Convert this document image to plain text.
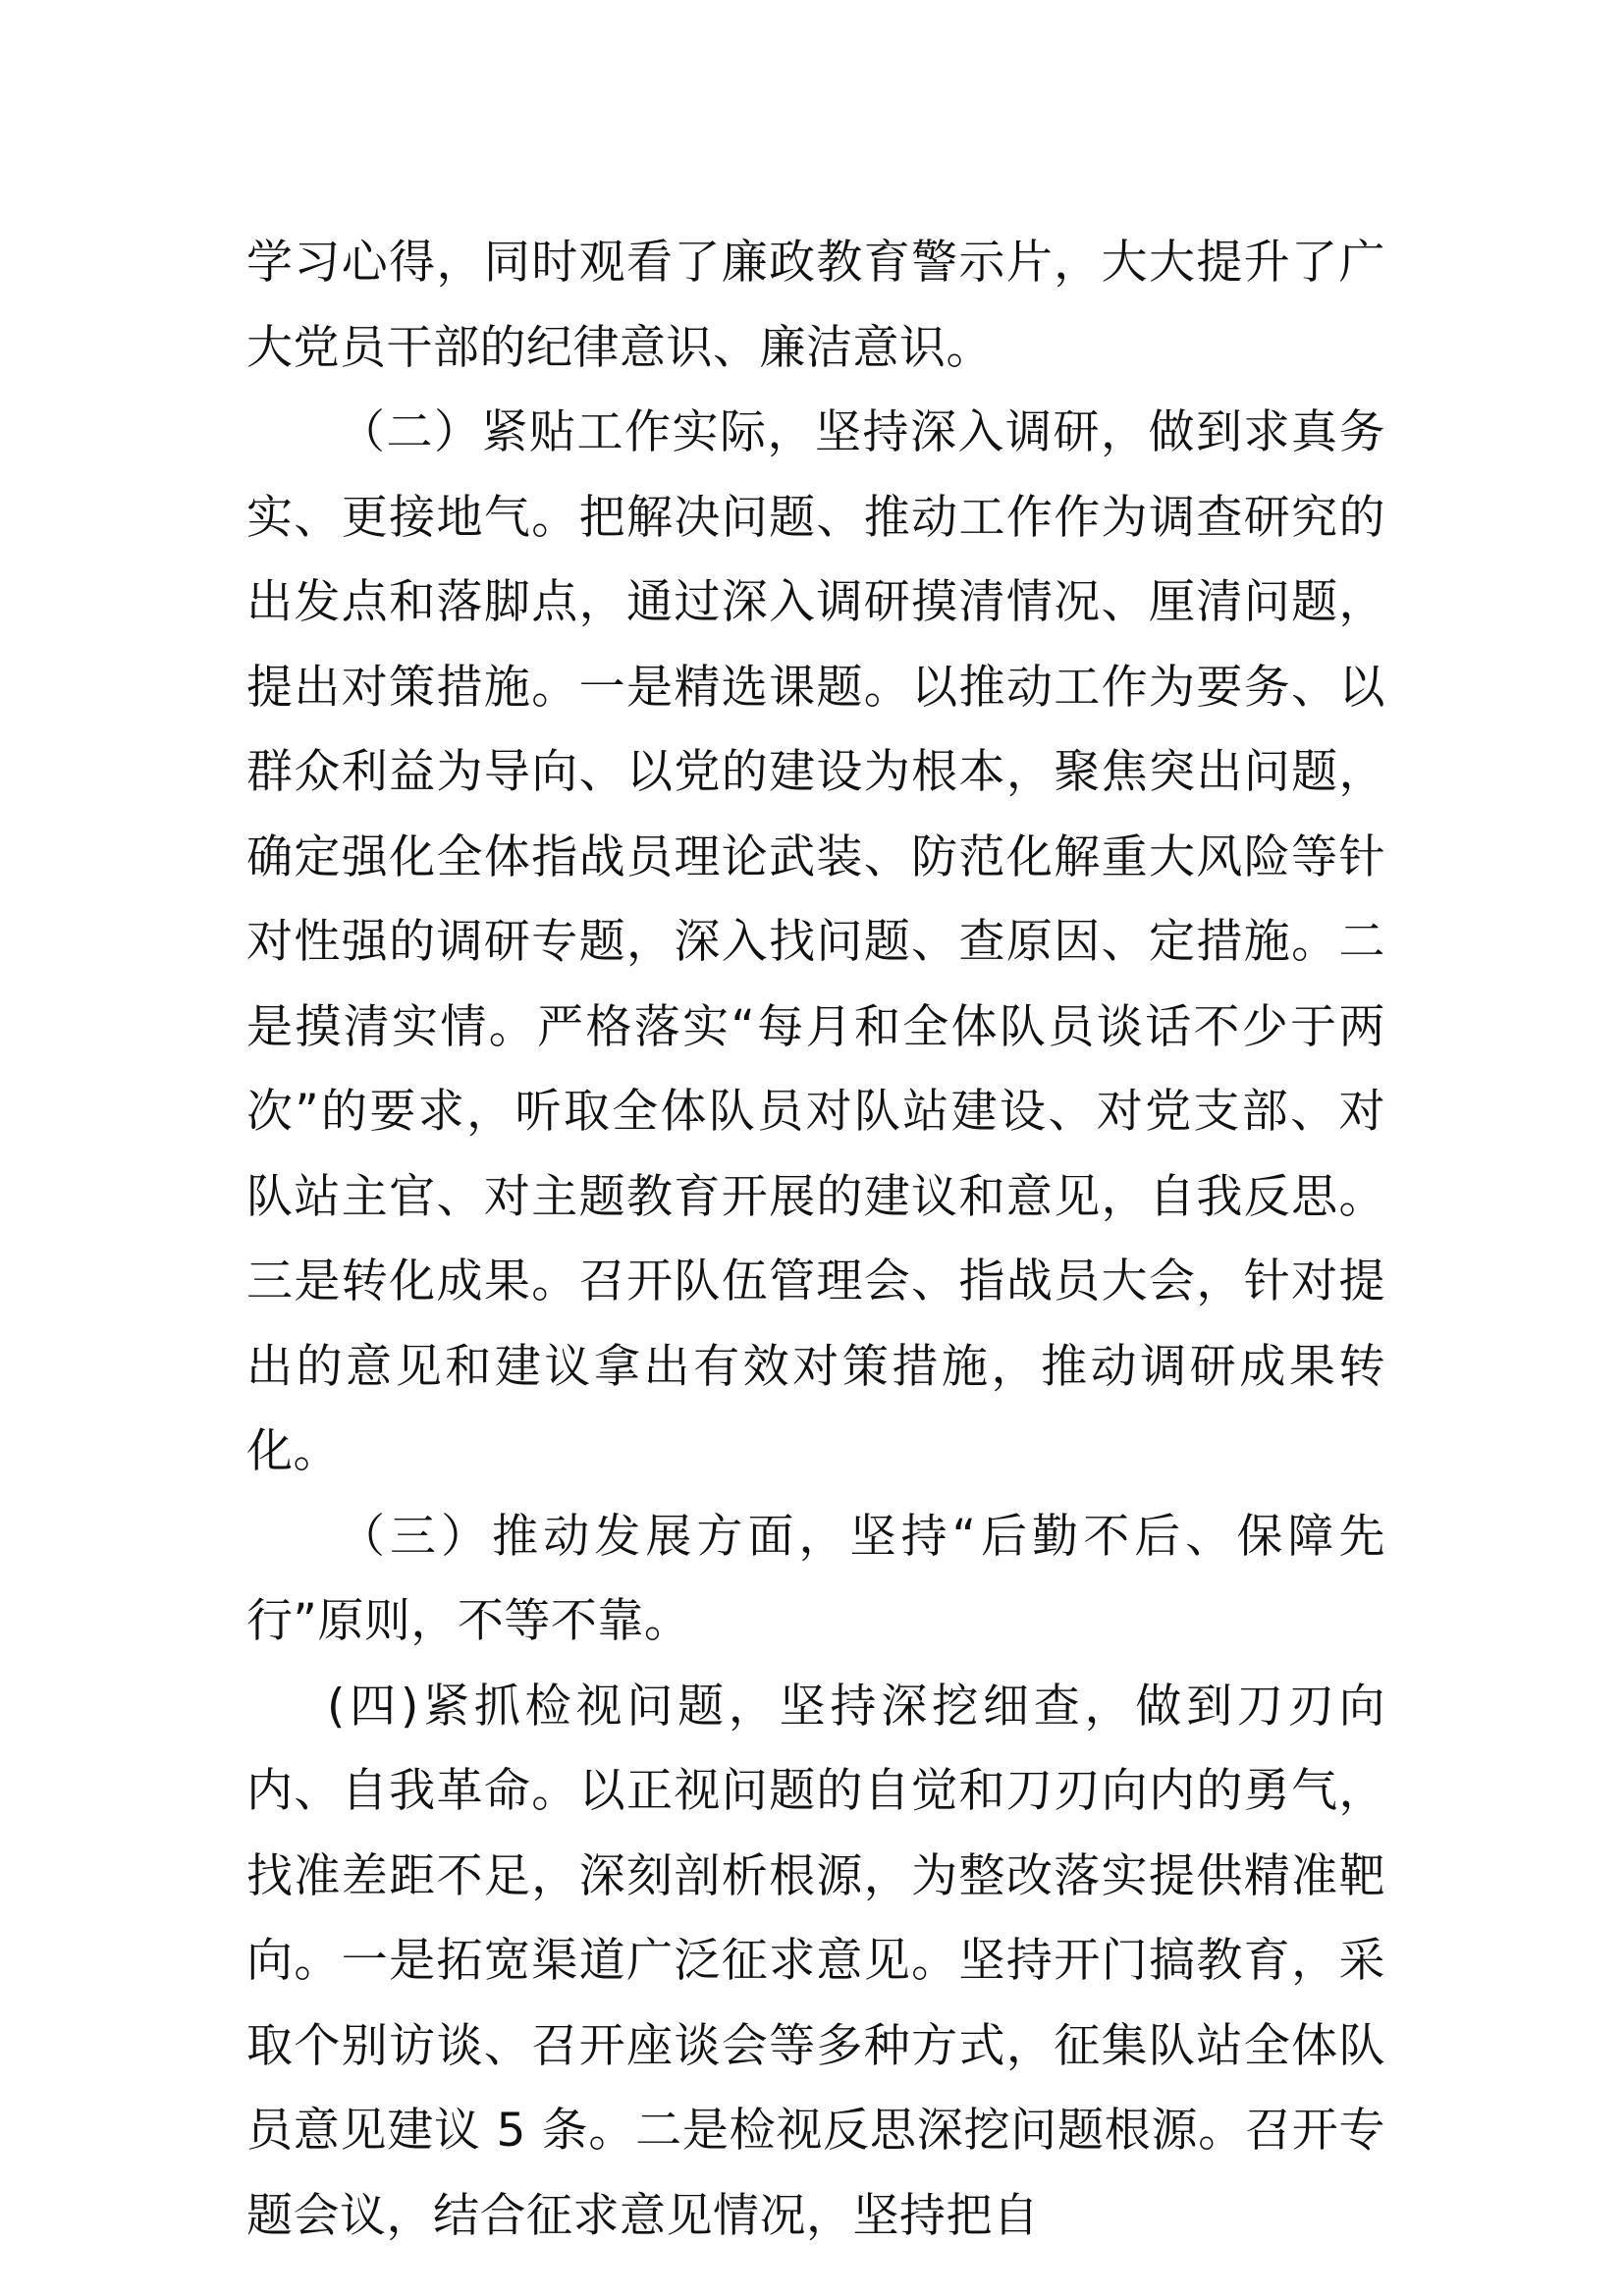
学习心得，同时观看了廉政教育警示片，大大提升了广大党员干部的纪律意识、廉洁意识。

（二）紧贴工作实际，坚持深入调研，做到求真务实、更接地气。把解决问题、推动工作作为调查研究的出发点和落脚点，通过深入调研摸清情况、厘清问题，提出对策措施。一是精选课题。以推动工作为要务、以群众利益为导向、以党的建设为根本，聚焦突出问题，确定强化全体指战员理论武装、防范化解重大风险等针对性强的调研专题，深入找问题、查原因、定措施。二是摸清实情。严格落实“每月和全体队员谈话不少于两次”的要求，听取全体队员对队站建设、对党支部、对队站主官、对主题教育开展的建议和意见，自我反思。三是转化成果。召开队伍管理会、指战员大会，针对提出的意见和建议拿出有效对策措施，推动调研成果转化。

（三）推动发展方面，坚持“后勤不后、保障先行”原则，不等不靠。

(四)紧抓检视问题，坚持深挖细查，做到刀刃向内、自我革命。以正视问题的自觉和刀刃向内的勇气，找准差距不足，深刻剖析根源，为整改落实提供精准靶向。一是拓宽渠道广泛征求意见。坚持开门搞教育，采取个别访谈、召开座谈会等多种方式，征集队站全体队员意见建议 5 条。二是检视反思深挖问题根源。召开专题会议，结合征求意见情况，坚持把自
